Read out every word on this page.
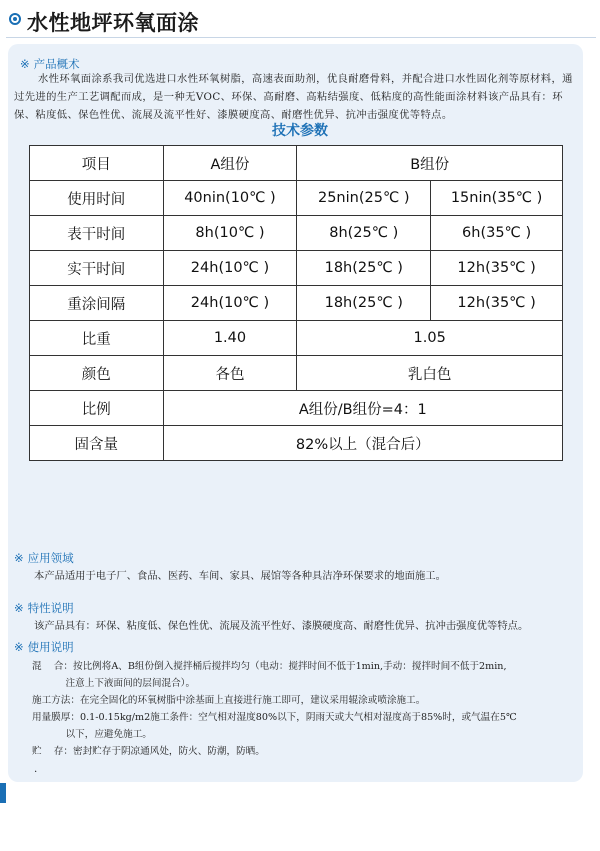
水性地坪环氧面涂
※ 产品概术
水性环氧面涂系我司优选进口水性环氧树脂，高速表面助剂，优良耐磨骨料，并配合进口水性固化剂等原材料，通过先进的生产工艺调配而成，是一种无VOC、环保、高耐磨、高粘结强度、低粘度的高性能面涂材料该产品具有：环保、粘度低、保色性优、流展及流平性好、漆膜硬度高、耐磨性优异、抗冲击强度优等特点。
技术参数
项目	A组份	B组份	
使用时间	40nin(10℃ )	25nin(25℃ )	15nin(35℃ )
表干时间	8h(10℃ )	8h(25℃ )	6h(35℃ )
实干时间	24h(10℃ )	18h(25℃ )	12h(35℃ )
重涂间隔	24h(10℃ )	18h(25℃ )	12h(35℃ )
比重	1.40	1.05	
颜色	各色	乳白色	
比例	A组份/B组份=4：1		
固含量	82%以上（混合后）		
※ 应用领域
本产品适用于电子厂、食品、医药、车间、家具、展馆等各种具洁净环保要求的地面施工。
※ 特性说明
该产品具有：环保、粘度低、保色性优、流展及流平性好、漆膜硬度高、耐磨性优异、抗冲击强度优等特点。
※ 使用说明
混    合：按比例将A、B组份倒入搅拌桶后搅拌均匀（电动：搅拌时间不低于1min,手动：搅拌时间不低于2min,
注意上下液面间的层间混合）。
施工方法：在完全固化的环氧树脂中涂基面上直接进行施工即可，建议采用辊涂或喷涂施工。
用量膜厚：0.1-0.15kg/m2施工条件：空气相对湿度80%以下，阴雨天或大气相对湿度高于85%时，或气温在5℃
以下，应避免施工。
贮    存：密封贮存于阴凉通风处，防火、防潮，防晒。
.
